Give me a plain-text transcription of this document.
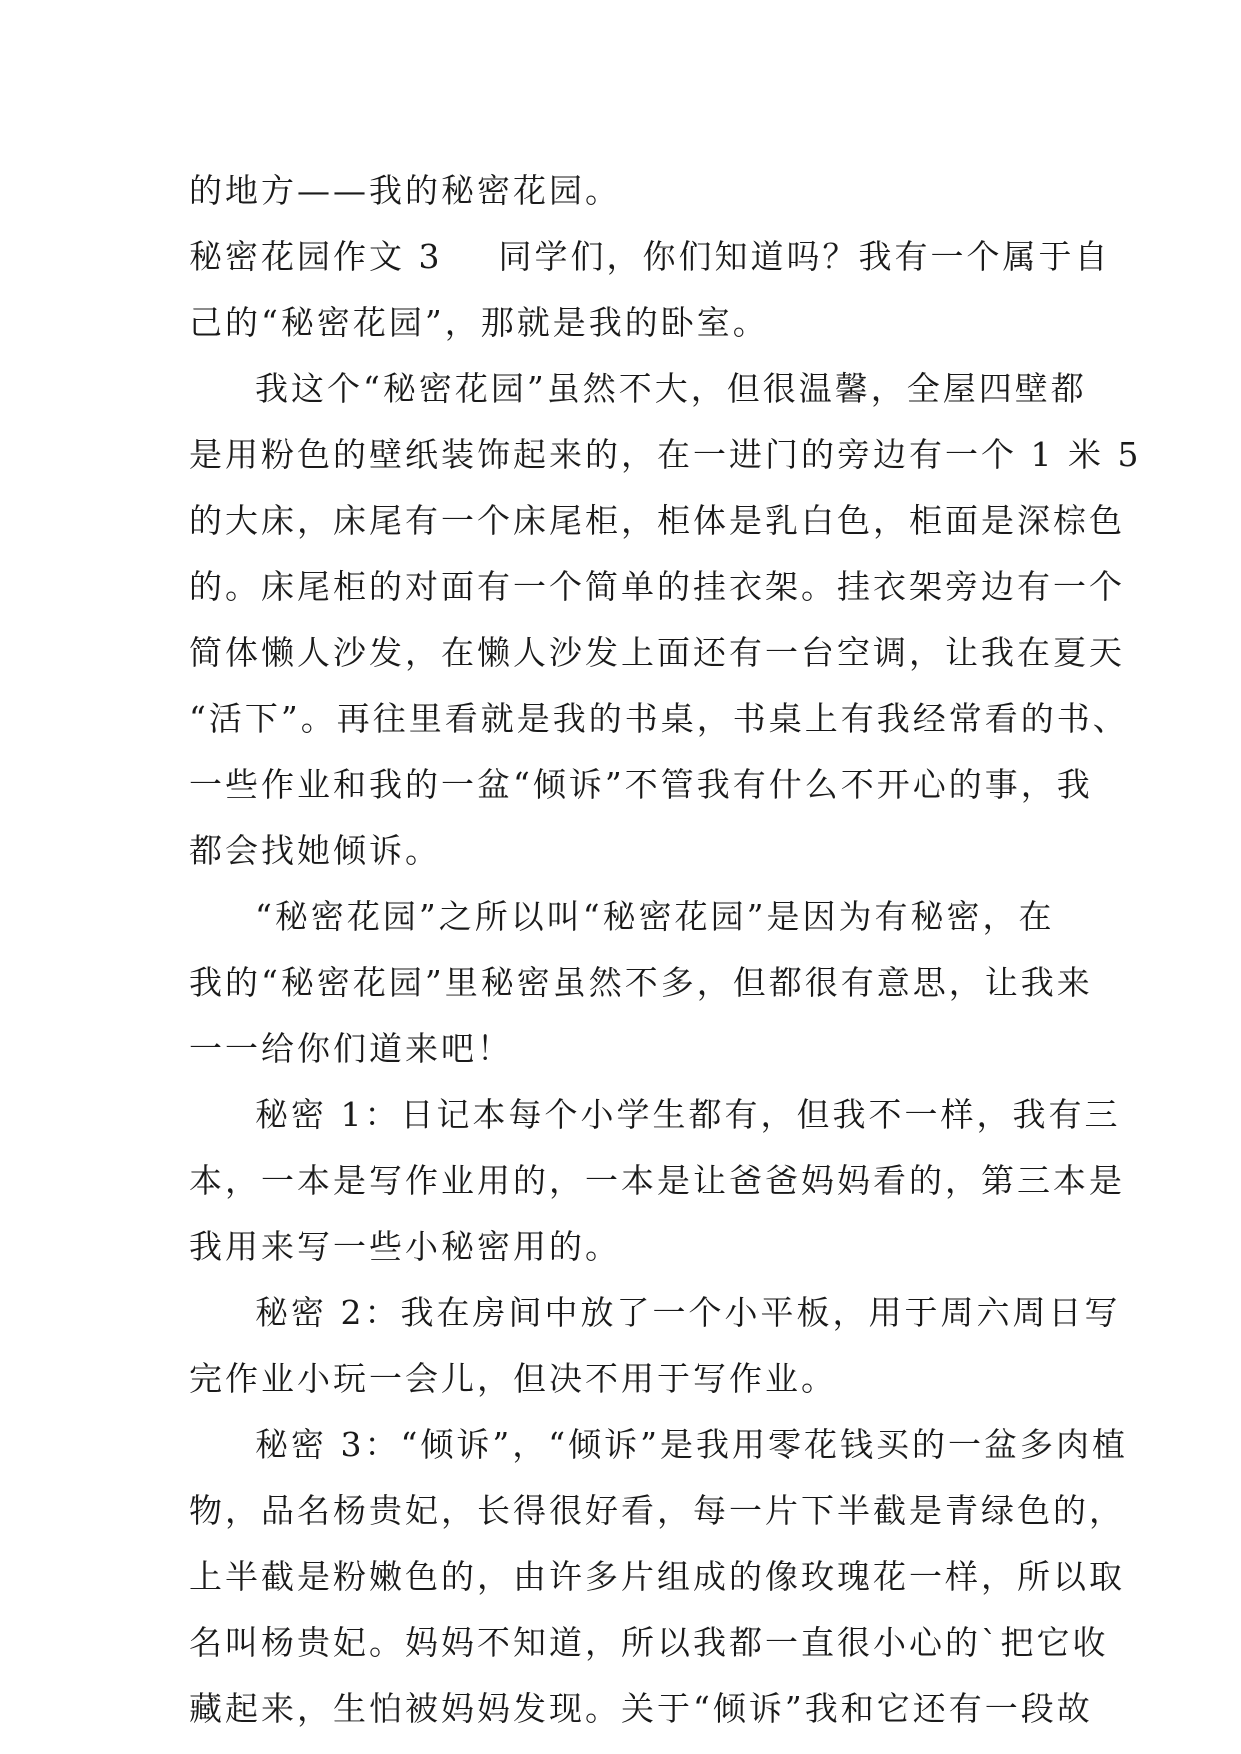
的地方——我的秘密花园。
秘密花园作文 3 同学们，你们知道吗？我有一个属于自
己的“秘密花园”，那就是我的卧室。
我这个“秘密花园”虽然不大，但很温馨，全屋四壁都
是用粉色的壁纸装饰起来的，在一进门的旁边有一个 1 米 5
的大床，床尾有一个床尾柜，柜体是乳白色，柜面是深棕色
的。床尾柜的对面有一个简单的挂衣架。挂衣架旁边有一个
简体懒人沙发，在懒人沙发上面还有一台空调，让我在夏天
“活下”。再往里看就是我的书桌，书桌上有我经常看的书、
一些作业和我的一盆“倾诉”不管我有什么不开心的事，我
都会找她倾诉。
“秘密花园”之所以叫“秘密花园”是因为有秘密，在
我的“秘密花园”里秘密虽然不多，但都很有意思，让我来
一一给你们道来吧！
秘密 1：日记本每个小学生都有，但我不一样，我有三
本，一本是写作业用的，一本是让爸爸妈妈看的，第三本是
我用来写一些小秘密用的。
秘密 2：我在房间中放了一个小平板，用于周六周日写
完作业小玩一会儿，但决不用于写作业。
秘密 3：“倾诉”，“倾诉”是我用零花钱买的一盆多肉植
物，品名杨贵妃，长得很好看，每一片下半截是青绿色的，
上半截是粉嫩色的，由许多片组成的像玫瑰花一样，所以取
名叫杨贵妃。妈妈不知道，所以我都一直很小心的`把它收
藏起来，生怕被妈妈发现。关于“倾诉”我和它还有一段故
